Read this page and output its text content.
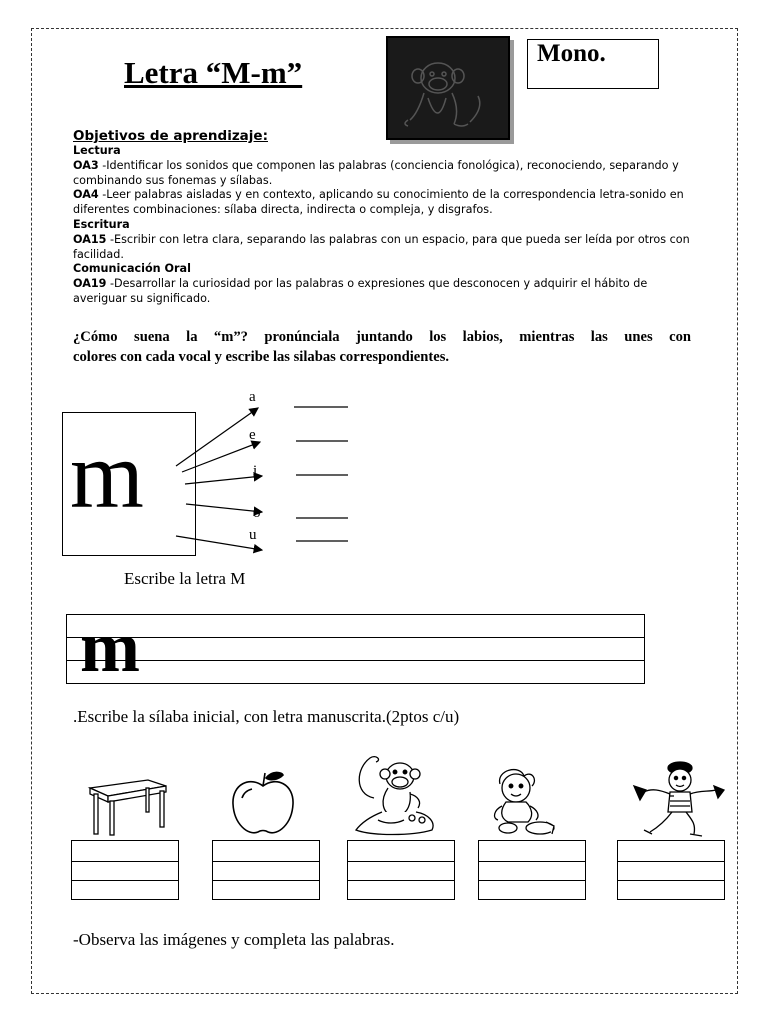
Letra “M-m”
Mono.

Objetivos de aprendizaje:

Lectura

OA3 -Identificar los sonidos que componen las palabras (conciencia fonológica), reconociendo, separando y combinando sus fonemas y sílabas.

OA4 -Leer palabras aisladas y en contexto, aplicando su conocimiento de la correspondencia letra-sonido en diferentes combinaciones: sílaba directa, indirecta o compleja, y disgrafos.

Escritura

OA15 -Escribir con letra clara, separando las palabras con un espacio, para que pueda ser leída por otros con facilidad.

Comunicación Oral

OA19 -Desarrollar la curiosidad por las palabras o expresiones que desconocen y adquirir el hábito de averiguar su significado.

¿Cómo suena la “m”? pronúnciala juntando los labios, mientras las unes con
colores con cada vocal y escribe las silabas correspondientes.
m
a
e
i
o
u
Escribe la letra M
m
.Escribe la sílaba inicial, con letra manuscrita.(2ptos c/u)
-Observa las imágenes y completa las palabras.
